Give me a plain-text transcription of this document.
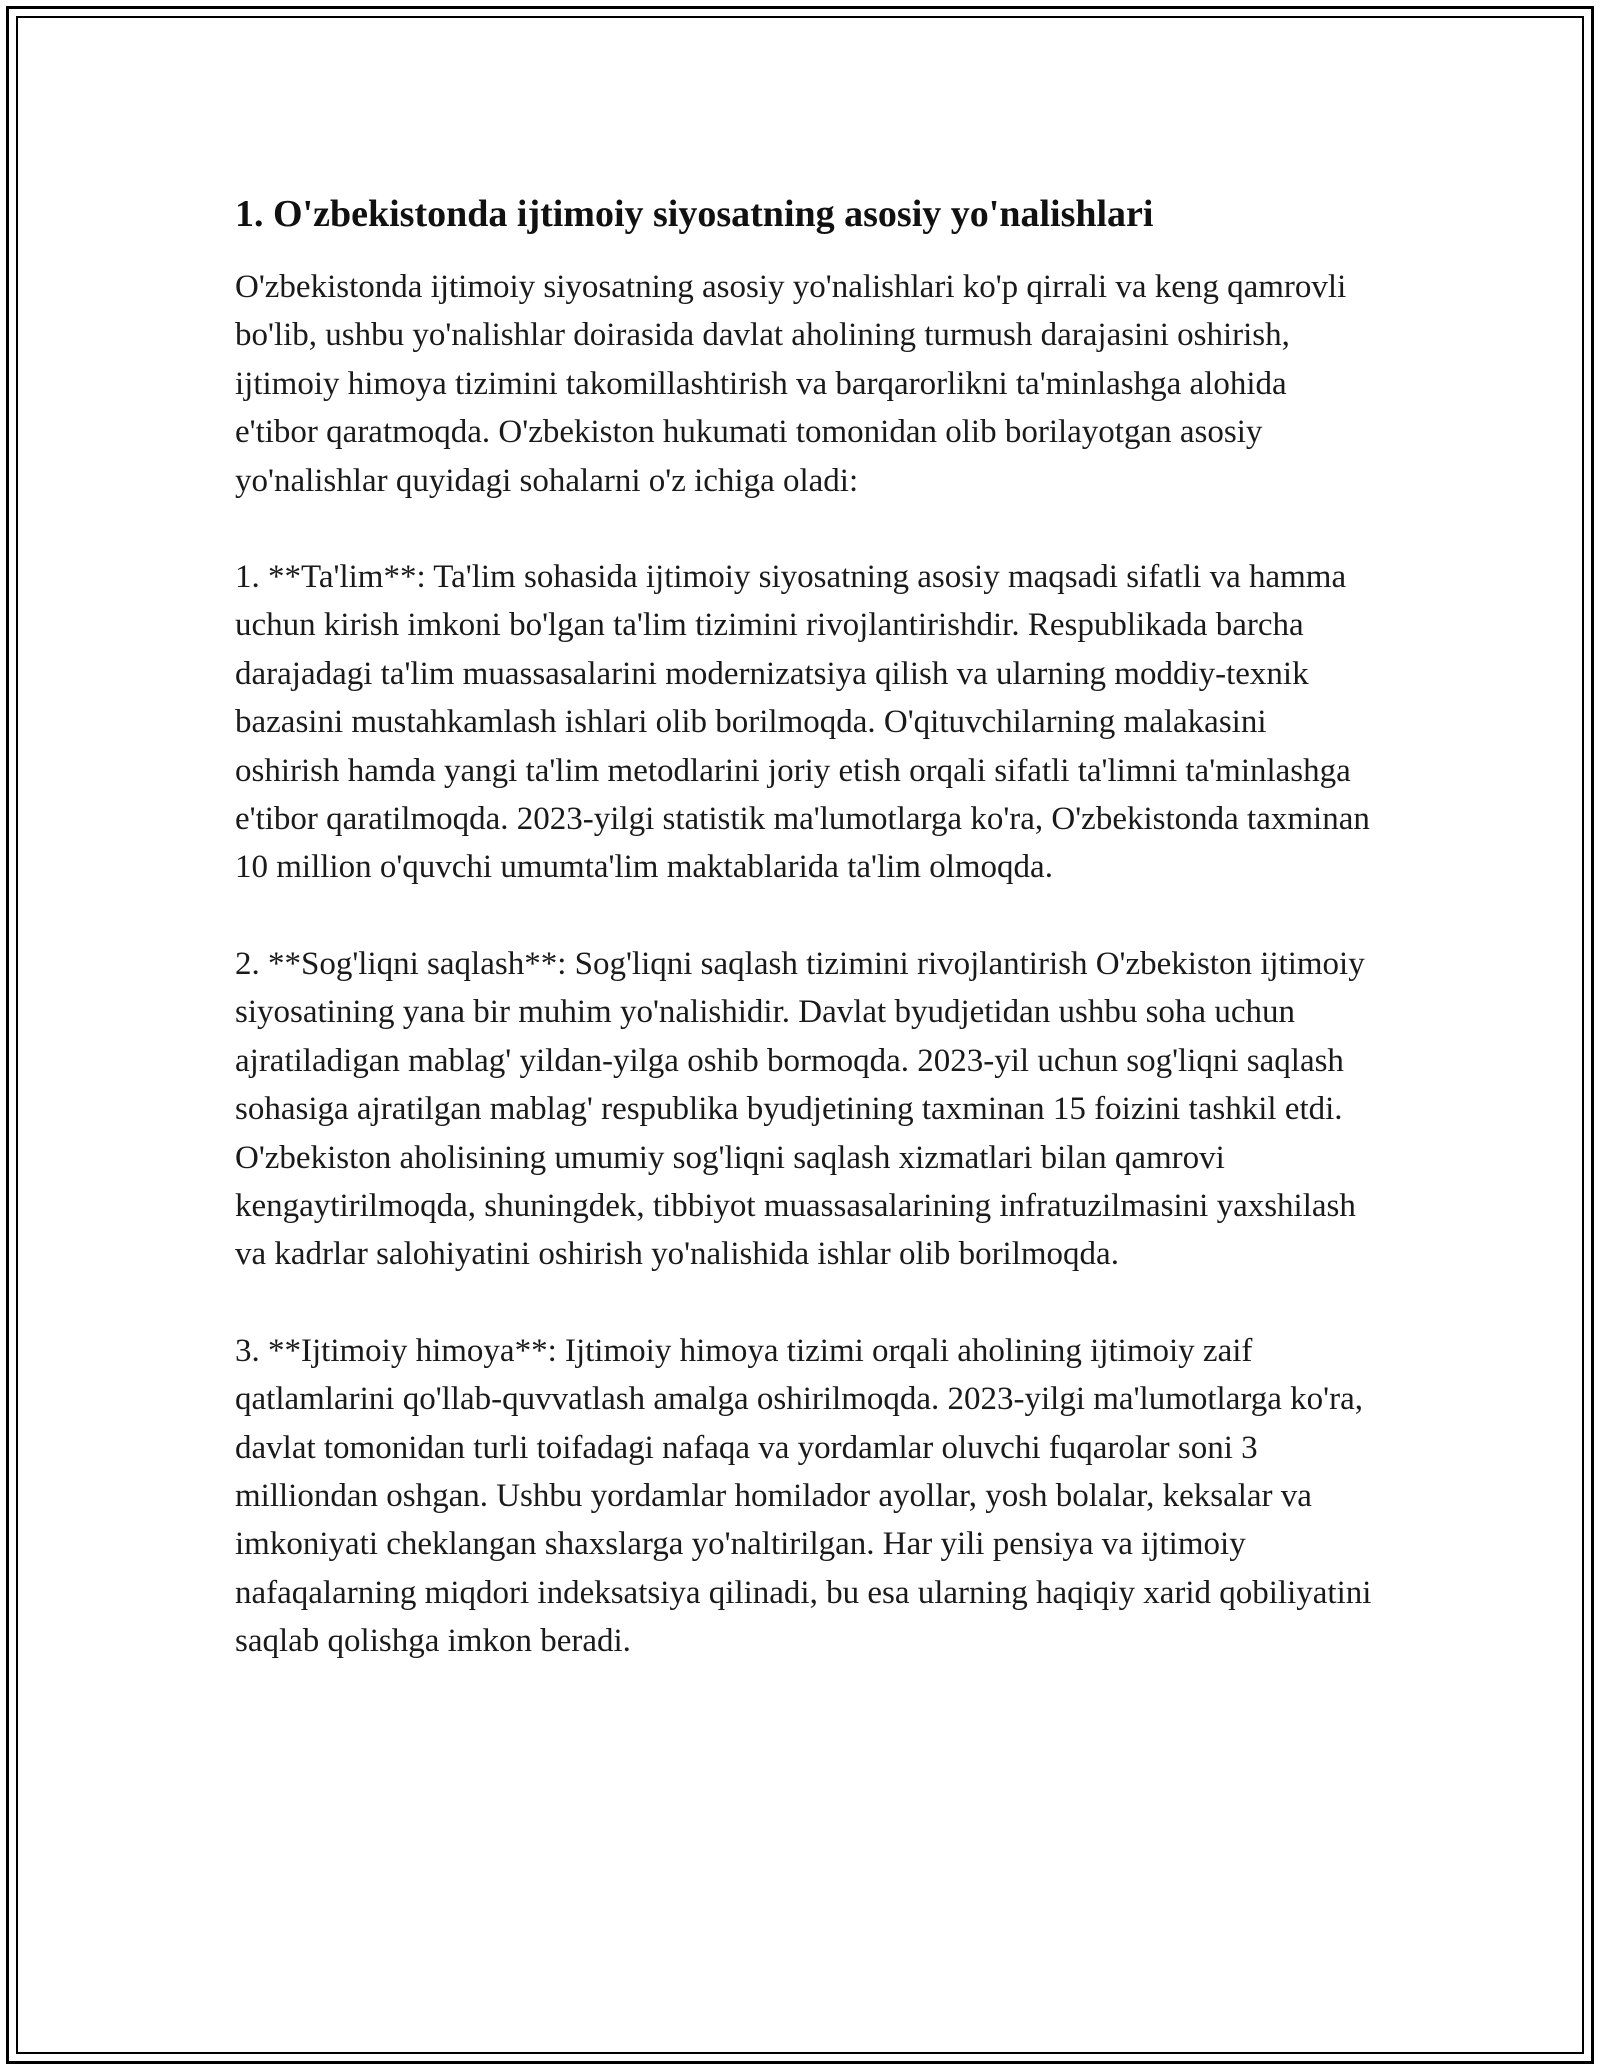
1. O'zbekistonda ijtimoiy siyosatning asosiy yo'nalishlari

O'zbekistonda ijtimoiy siyosatning asosiy yo'nalishlari ko'p qirrali va keng qamrovli bo'lib, ushbu yo'nalishlar doirasida davlat aholining turmush darajasini oshirish, ijtimoiy himoya tizimini takomillashtirish va barqarorlikni ta'minlashga alohida e'tibor qaratmoqda. O'zbekiston hukumati tomonidan olib borilayotgan asosiy yo'nalishlar quyidagi sohalarni o'z ichiga oladi:

1. **Ta'lim**: Ta'lim sohasida ijtimoiy siyosatning asosiy maqsadi sifatli va hamma uchun kirish imkoni bo'lgan ta'lim tizimini rivojlantirishdir. Respublikada barcha darajadagi ta'lim muassasalarini modernizatsiya qilish va ularning moddiy-texnik bazasini mustahkamlash ishlari olib borilmoqda. O'qituvchilarning malakasini oshirish hamda yangi ta'lim metodlarini joriy etish orqali sifatli ta'limni ta'minlashga e'tibor qaratilmoqda. 2023-yilgi statistik ma'lumotlarga ko'ra, O'zbekistonda taxminan 10 million o'quvchi umumta'lim maktablarida ta'lim olmoqda.

2. **Sog'liqni saqlash**: Sog'liqni saqlash tizimini rivojlantirish O'zbekiston ijtimoiy siyosatining yana bir muhim yo'nalishidir. Davlat byudjetidan ushbu soha uchun ajratiladigan mablag' yildan-yilga oshib bormoqda. 2023-yil uchun sog'liqni saqlash sohasiga ajratilgan mablag' respublika byudjetining taxminan 15 foizini tashkil etdi. O'zbekiston aholisining umumiy sog'liqni saqlash xizmatlari bilan qamrovi kengaytirilmoqda, shuningdek, tibbiyot muassasalarining infratuzilmasini yaxshilash va kadrlar salohiyatini oshirish yo'nalishida ishlar olib borilmoqda.

3. **Ijtimoiy himoya**: Ijtimoiy himoya tizimi orqali aholining ijtimoiy zaif qatlamlarini qo'llab-quvvatlash amalga oshirilmoqda. 2023-yilgi ma'lumotlarga ko'ra, davlat tomonidan turli toifadagi nafaqa va yordamlar oluvchi fuqarolar soni 3 milliondan oshgan. Ushbu yordamlar homilador ayollar, yosh bolalar, keksalar va imkoniyati cheklangan shaxslarga yo'naltirilgan. Har yili pensiya va ijtimoiy nafaqalarning miqdori indeksatsiya qilinadi, bu esa ularning haqiqiy xarid qobiliyatini saqlab qolishga imkon beradi.
